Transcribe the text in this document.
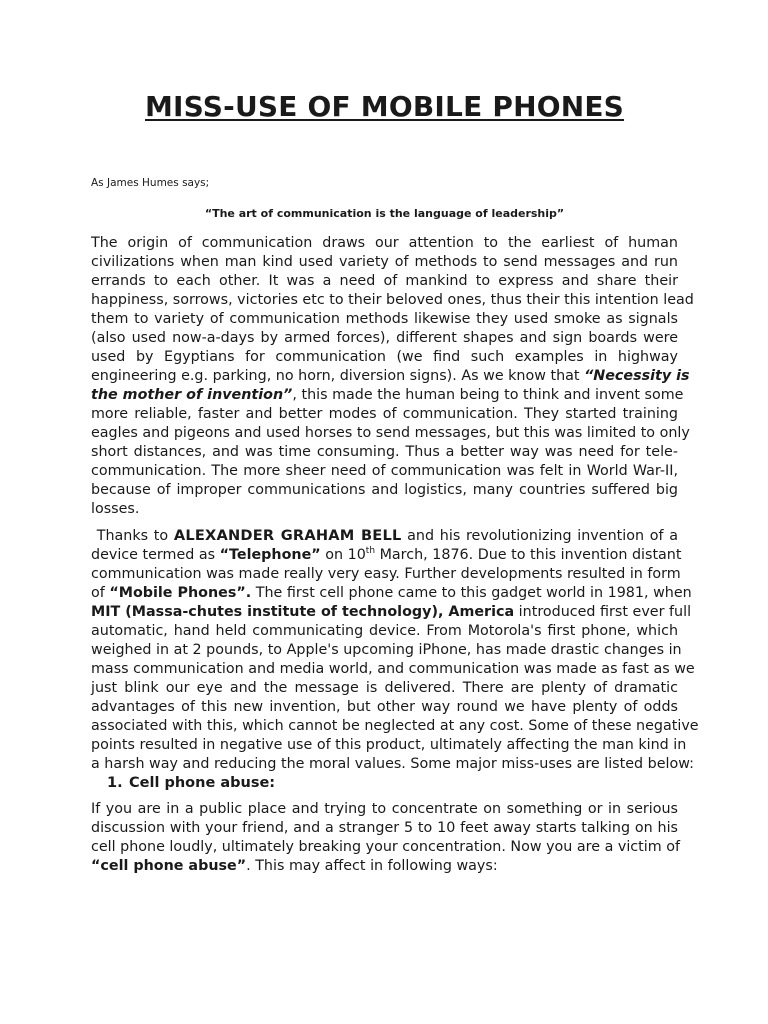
MISS-USE OF MOBILE PHONES

As James Humes says;

“The art of communication is the language of leadership”

The origin of communication draws our attention to the earliest of human
civilizations when man kind used variety of methods to send messages and run
errands to each other. It was a need of mankind to express and share their
happiness, sorrows, victories etc to their beloved ones, thus their this intention lead
them to variety of communication methods likewise they used smoke as signals
(also used now-a-days by armed forces), different shapes and sign boards were
used by Egyptians for communication (we find such examples in highway
engineering e.g. parking, no horn, diversion signs). As we know that “Necessity is
the mother of invention”, this made the human being to think and invent some
more reliable, faster and better modes of communication. They started training
eagles and pigeons and used horses to send messages, but this was limited to only
short distances, and was time consuming. Thus a better way was need for tele-
communication. The more sheer need of communication was felt in World War-II,
because of improper communications and logistics, many countries suffered big
losses.
Thanks to ALEXANDER GRAHAM BELL and his revolutionizing invention of a
device termed as “Telephone” on 10th March, 1876. Due to this invention distant
communication was made really very easy. Further developments resulted in form
of “Mobile Phones”. The first cell phone came to this gadget world in 1981, when
MIT (Massa-chutes institute of technology), America introduced first ever full
automatic, hand held communicating device. From Motorola's first phone, which
weighed in at 2 pounds, to Apple's upcoming iPhone, has made drastic changes in
mass communication and media world, and communication was made as fast as we
just blink our eye and the message is delivered. There are plenty of dramatic
advantages of this new invention, but other way round we have plenty of odds
associated with this, which cannot be neglected at any cost. Some of these negative
points resulted in negative use of this product, ultimately affecting the man kind in
a harsh way and reducing the moral values. Some major miss-uses are listed below:
1. Cell phone abuse:
If you are in a public place and trying to concentrate on something or in serious
discussion with your friend, and a stranger 5 to 10 feet away starts talking on his
cell phone loudly, ultimately breaking your concentration. Now you are a victim of
“cell phone abuse”. This may affect in following ways:
